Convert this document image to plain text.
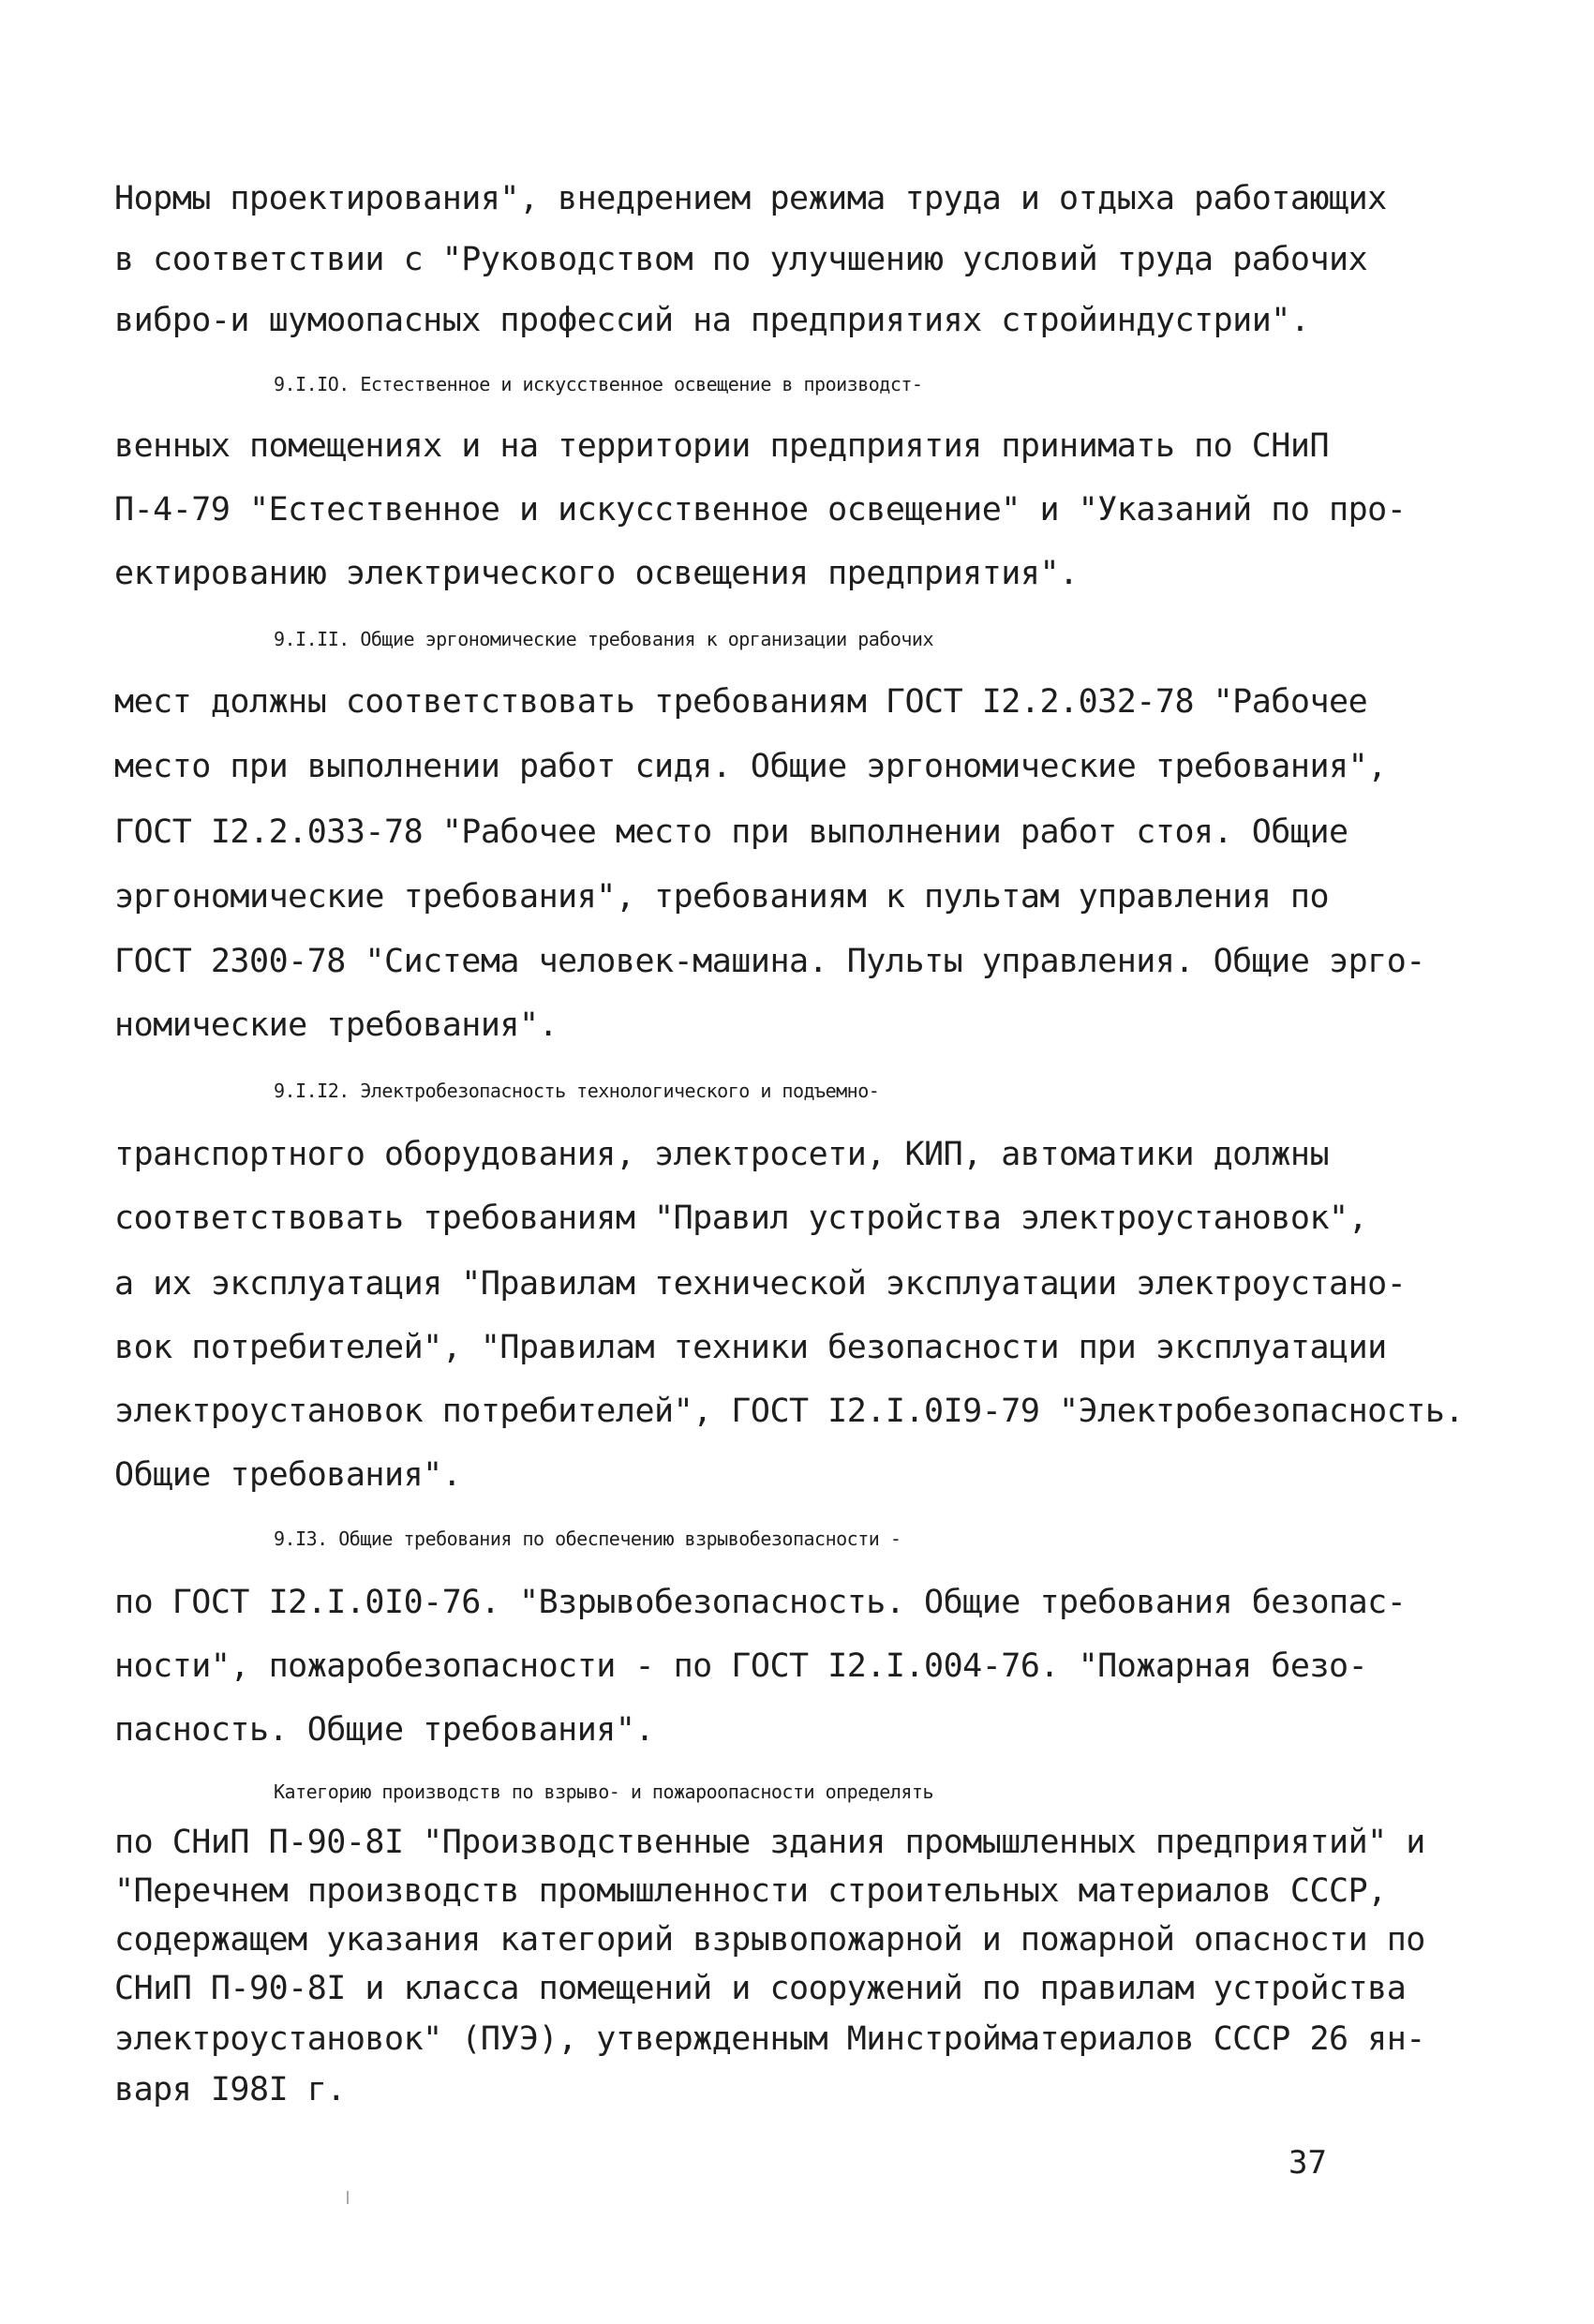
Нормы проектирования", внедрением режима труда и отдыха работающих
в соответствии с "Руководством по улучшению условий труда рабочих
вибро-и шумоопасных профессий на предприятиях стройиндустрии".
9.I.IО. Естественное и искусственное освещение в производст-
венных помещениях и на территории предприятия принимать по СНиП
П-4-79 "Естественное и искусственное освещение" и "Указаний по про-
ектированию электрического освещения предприятия".
9.I.II. Общие эргономические требования к организации рабочих
мест должны соответствовать требованиям ГОСТ I2.2.032-78 "Рабочее
место при выполнении работ сидя. Общие эргономические требования",
ГОСТ I2.2.033-78 "Рабочее место при выполнении работ стоя. Общие
эргономические требования", требованиям к пультам управления по
ГОСТ 2300-78 "Система человек-машина. Пульты управления. Общие эрго-
номические требования".
9.I.I2. Электробезопасность технологического и подъемно-
транспортного оборудования, электросети, КИП, автоматики должны
соответствовать требованиям "Правил устройства электроустановок",
а их эксплуатация "Правилам технической эксплуатации электроустано-
вок потребителей", "Правилам техники безопасности при эксплуатации
электроустановок потребителей", ГОСТ I2.I.0I9-79 "Электробезопасность.
Общие требования".
9.I3. Общие требования по обеспечению взрывобезопасности -
по ГОСТ I2.I.0I0-76. "Взрывобезопасность. Общие требования безопас-
ности", пожаробезопасности - по ГОСТ I2.I.004-76. "Пожарная безо-
пасность. Общие требования".
Категорию производств по взрыво- и пожароопасности определять
по СНиП П-90-8I "Производственные здания промышленных предприятий" и
"Перечнем производств промышленности строительных материалов СССР,
содержащем указания категорий взрывопожарной и пожарной опасности по
СНиП П-90-8I и класса помещений и сооружений по правилам устройства
электроустановок" (ПУЭ), утвержденным Минстройматериалов СССР 26 ян-
варя I98I г.
37
